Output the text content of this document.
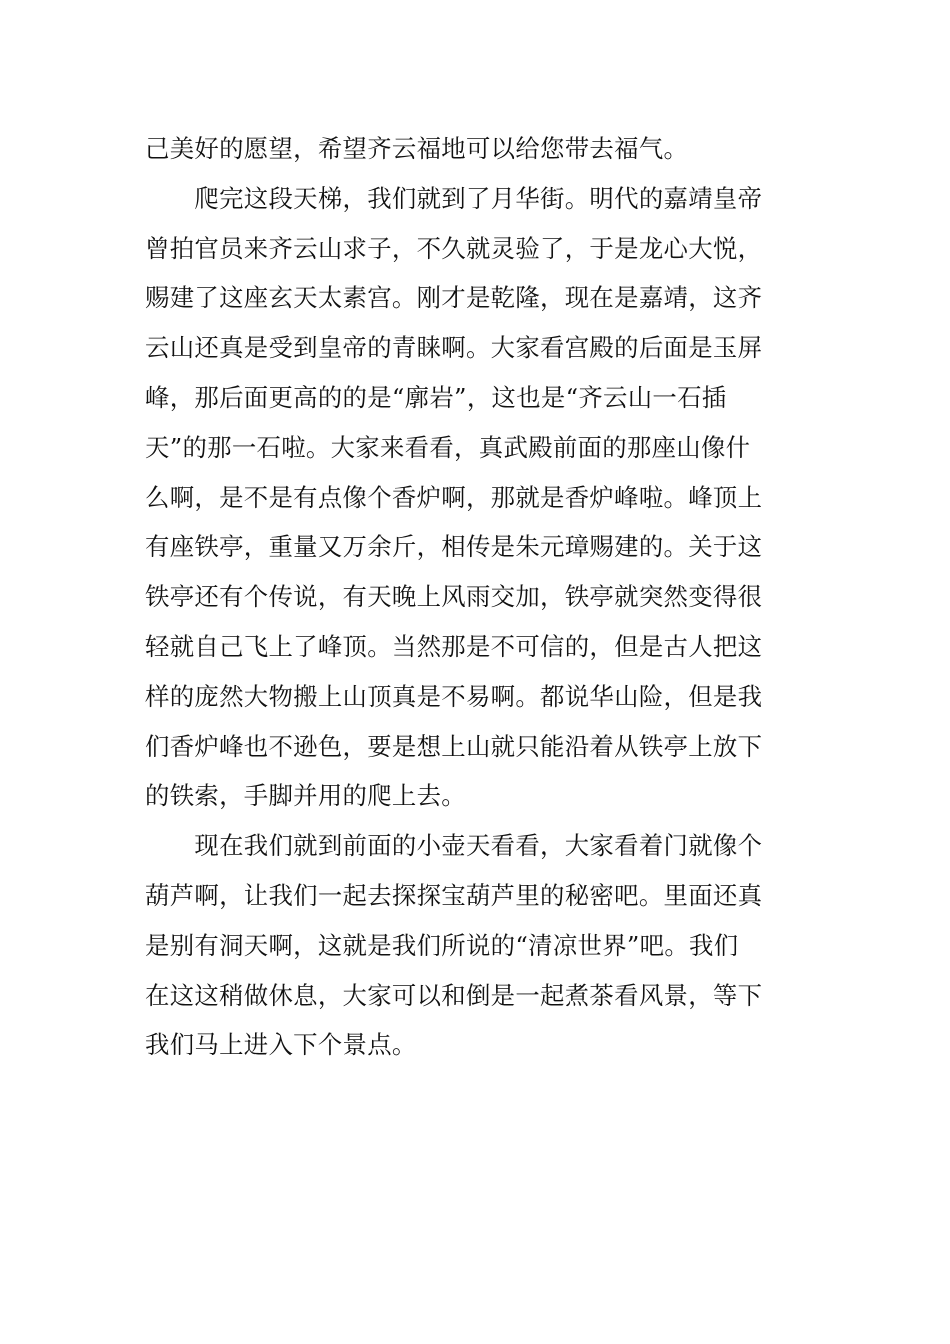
己美好的愿望，希望齐云福地可以给您带去福气。
　　爬完这段天梯，我们就到了月华街。明代的嘉靖皇帝
曾拍官员来齐云山求子，不久就灵验了，于是龙心大悦，
赐建了这座玄天太素宫。刚才是乾隆，现在是嘉靖，这齐
云山还真是受到皇帝的青睐啊。大家看宫殿的后面是玉屏
峰，那后面更高的的是“廓岩”，这也是“齐云山一石插
天”的那一石啦。大家来看看，真武殿前面的那座山像什
么啊，是不是有点像个香炉啊，那就是香炉峰啦。峰顶上
有座铁亭，重量又万余斤，相传是朱元璋赐建的。关于这
铁亭还有个传说，有天晚上风雨交加，铁亭就突然变得很
轻就自己飞上了峰顶。当然那是不可信的，但是古人把这
样的庞然大物搬上山顶真是不易啊。都说华山险，但是我
们香炉峰也不逊色，要是想上山就只能沿着从铁亭上放下
的铁索，手脚并用的爬上去。
　　现在我们就到前面的小壶天看看，大家看着门就像个
葫芦啊，让我们一起去探探宝葫芦里的秘密吧。里面还真
是别有洞天啊，这就是我们所说的“清凉世界”吧。我们
在这这稍做休息，大家可以和倒是一起煮茶看风景，等下
我们马上进入下个景点。
